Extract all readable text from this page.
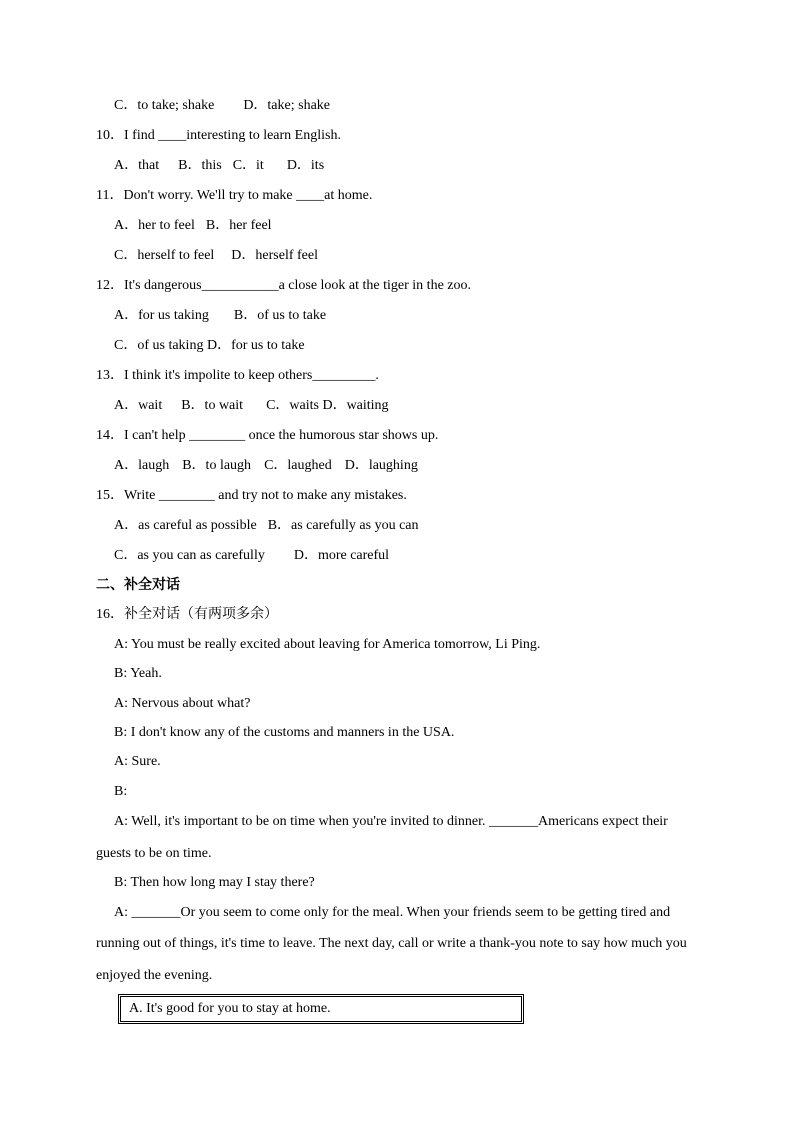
C．to take; shake D．take; shake
10．I find ____interesting to learn English.
A．that B．this C．it D．its
11．Don't worry. We'll try to make ____at home.
A．her to feel B．her feel
C．herself to feel D．herself feel
12．It's dangerous___________a close look at the tiger in the zoo.
A．for us taking B．of us to take
C．of us taking D．for us to take
13．I think it's impolite to keep others_________.
A．wait B．to wait C．waits D．waiting
14．I can't help ________ once the humorous star shows up.
A．laugh B．to laugh C．laughed D．laughing
15．Write ________ and try not to make any mistakes.
A．as careful as possible B．as carefully as you can
C．as you can as carefully D．more careful
二、补全对话
16．补全对话（有两项多余）
A: You must be really excited about leaving for America tomorrow, Li Ping.
B: Yeah.
A: Nervous about what?
B: I don't know any of the customs and manners in the USA.
A: Sure.
B:
A: Well, it's important to be on time when you're invited to dinner. _______Americans expect their
guests to be on time.
B: Then how long may I stay there?
A: _______Or you seem to come only for the meal. When your friends seem to be getting tired and
running out of things, it's time to leave. The next day, call or write a thank-you note to say how much you
enjoyed the evening.
A. It's good for you to stay at home.
